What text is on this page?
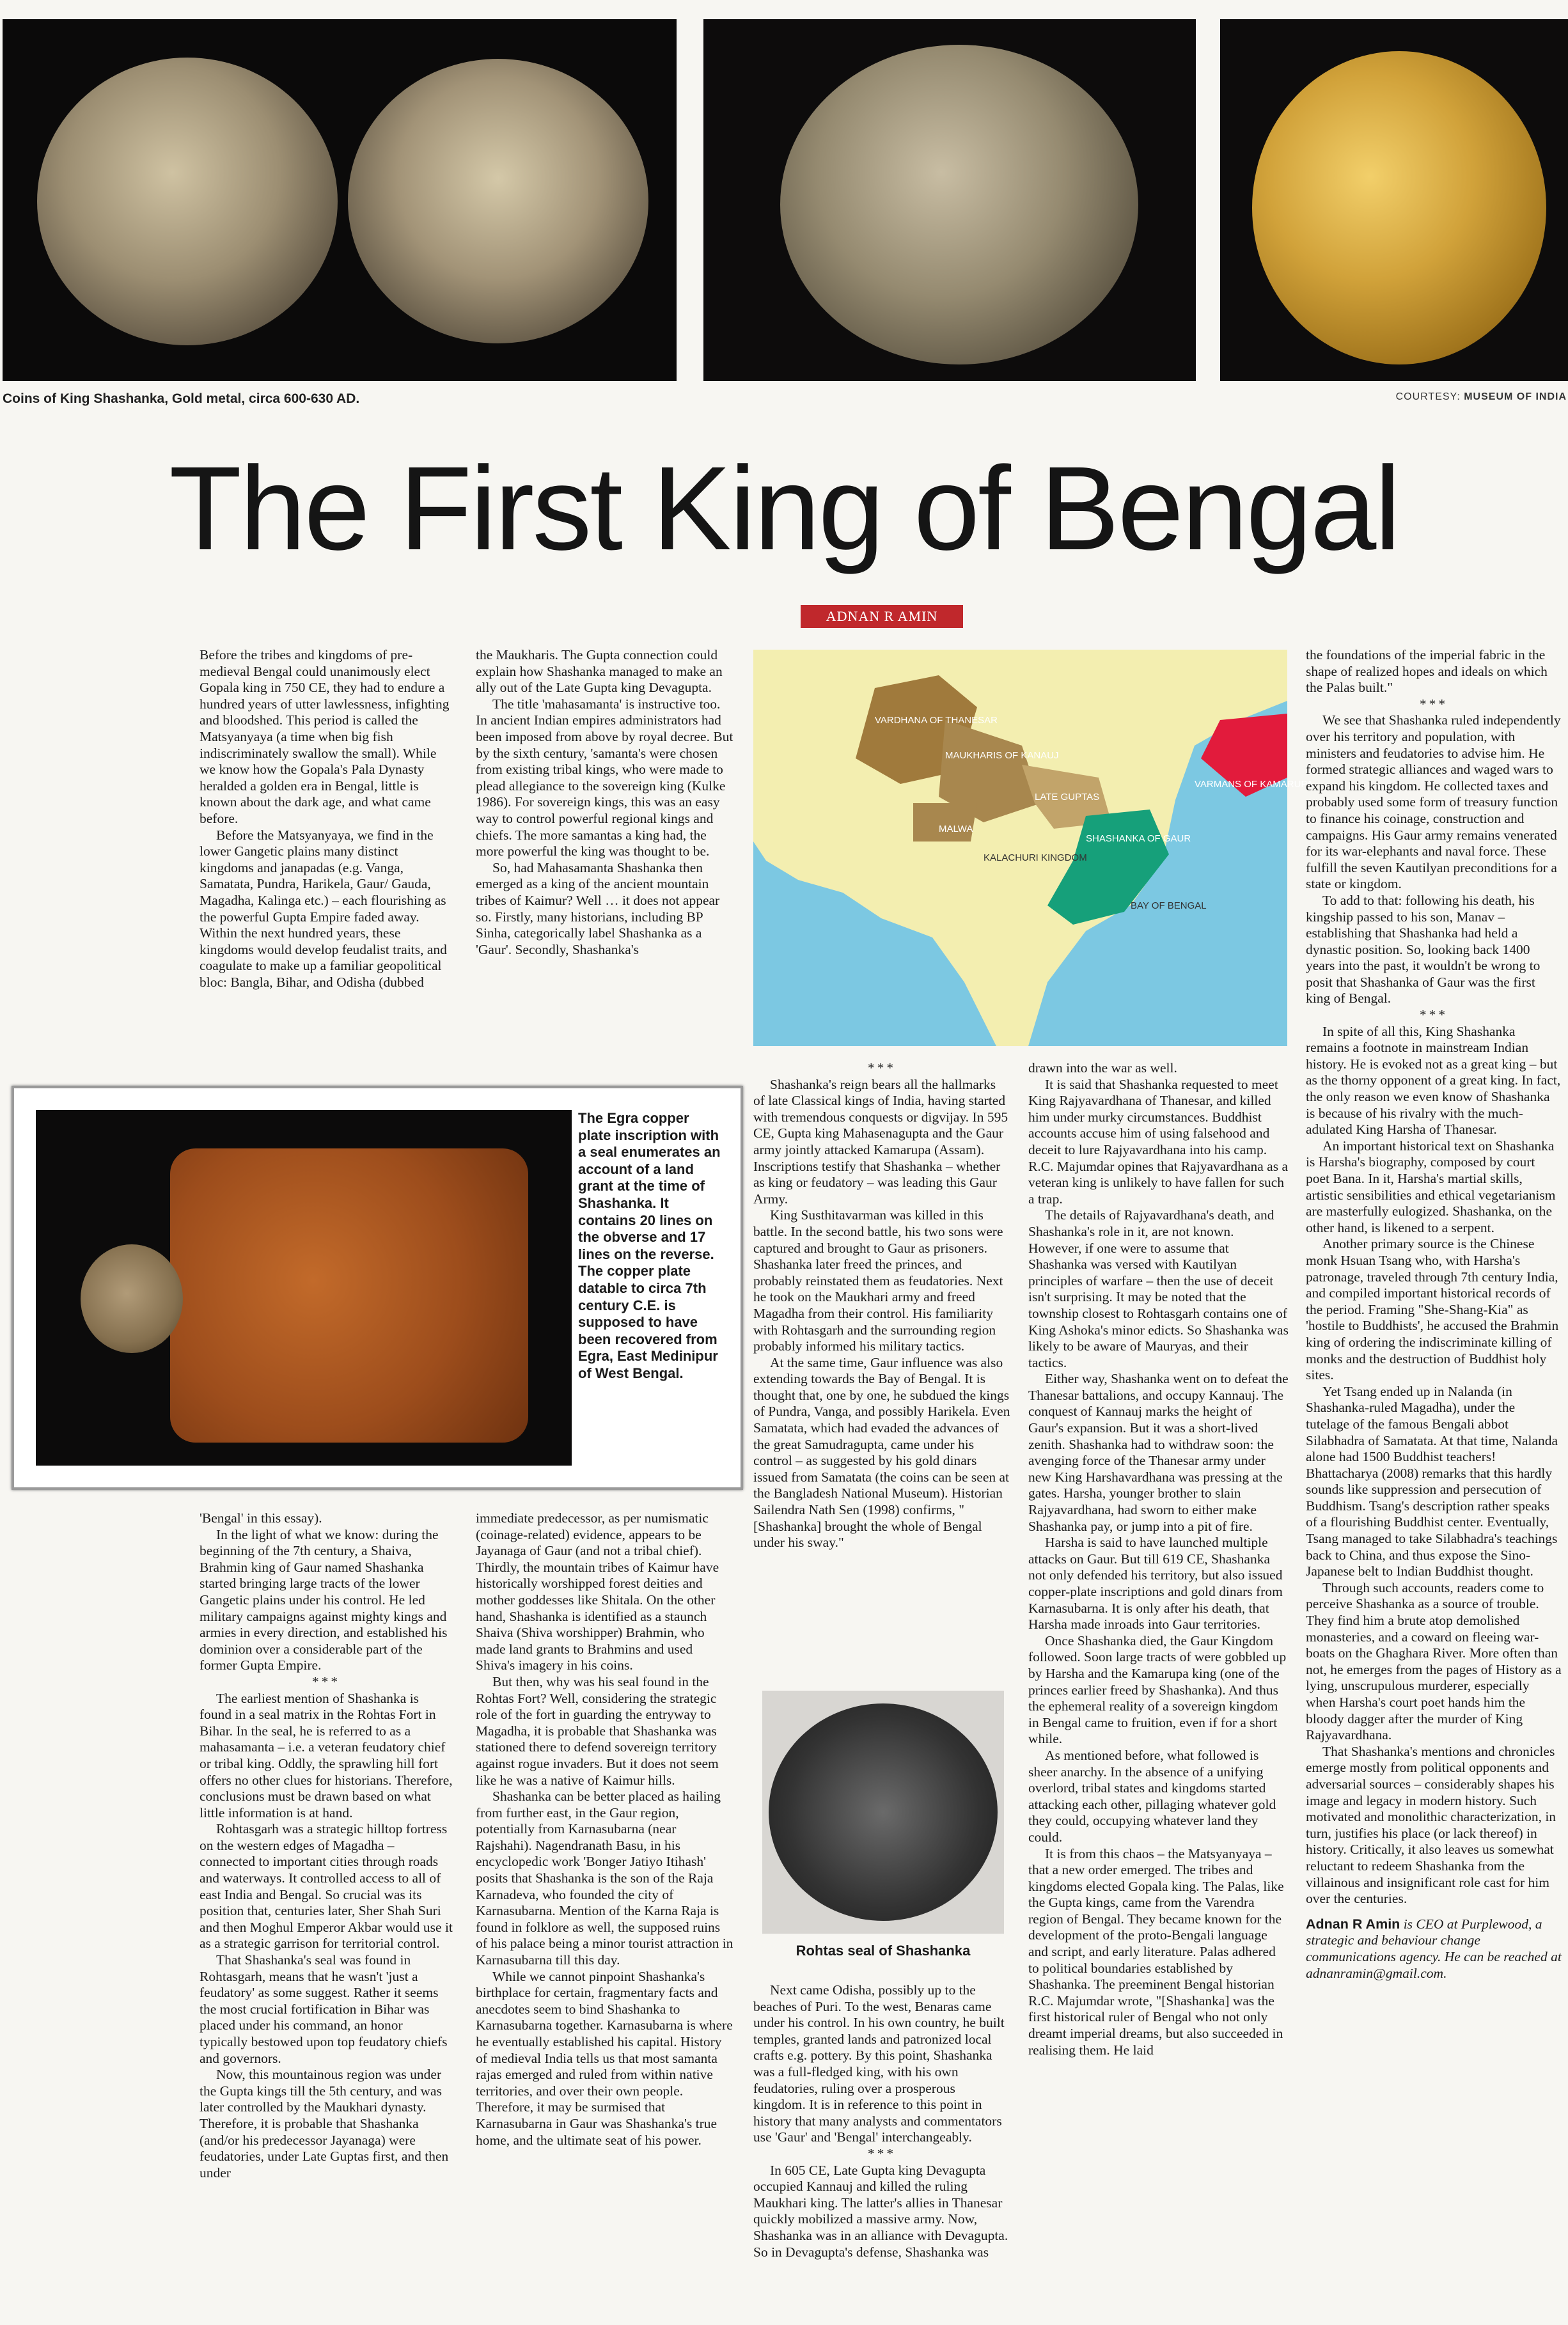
Coins of King Shashanka, Gold metal, circa 600-630 AD.	COURTESY: MUSEUM OF INDIA
The First King of Bengal
ADNAN R AMIN

Before the tribes and kingdoms of pre-medieval Bengal could unanimously elect Gopala king in 750 CE, they had to endure a hundred years of utter lawlessness, infighting and bloodshed. This period is called the Matsyanyaya (a time when big fish indiscriminately swallow the small). While we know how the Gopala's Pala Dynasty heralded a golden era in Bengal, little is known about the dark age, and what came before.

Before the Matsyanyaya, we find in the lower Gangetic plains many distinct kingdoms and janapadas (e.g. Vanga, Samatata, Pundra, Harikela, Gaur/ Gauda, Magadha, Kalinga etc.) – each flourishing as the powerful Gupta Empire faded away. Within the next hundred years, these kingdoms would develop feudalist traits, and coagulate to make up a familiar geopolitical bloc: Bangla, Bihar, and Odisha (dubbed

the Maukharis. The Gupta connection could explain how Shashanka managed to make an ally out of the Late Gupta king Devagupta.

The title 'mahasamanta' is instructive too. In ancient Indian empires administrators had been imposed from above by royal decree. But by the sixth century, 'samanta's were chosen from existing tribal kings, who were made to plead allegiance to the sovereign king (Kulke 1986). For sovereign kings, this was an easy way to control powerful regional kings and chiefs. The more samantas a king had, the more powerful the king was thought to be.

So, had Mahasamanta Shashanka then emerged as a king of the ancient mountain tribes of Kaimur? Well … it does not appear so. Firstly, many historians, including BP Sinha, categorically label Shashanka as a 'Gaur'. Secondly, Shashanka's

VARDHANA OF THANESAR
MAUKHARIS OF KANAUJ
LATE GUPTAS
VARMANS OF KAMARUPA
SHASHANKA OF GAUR
MALWA
KALACHURI KINGDOM
BAY OF BENGAL

the foundations of the imperial fabric in the shape of realized hopes and ideals on which the Palas built."

***

We see that Shashanka ruled independently over his territory and population, with ministers and feudatories to advise him. He formed strategic alliances and waged wars to expand his kingdom. He collected taxes and probably used some form of treasury function to finance his coinage, construction and campaigns. His Gaur army remains venerated for its war-elephants and naval force. These fulfill the seven Kautilyan preconditions for a state or kingdom.

To add to that: following his death, his kingship passed to his son, Manav – establishing that Shashanka had held a dynastic position. So, looking back 1400 years into the past, it wouldn't be wrong to posit that Shashanka of Gaur was the first king of Bengal.

***

In spite of all this, King Shashanka remains a footnote in mainstream Indian history. He is evoked not as a great king – but as the thorny opponent of a great king. In fact, the only reason we even know of Shashanka is because of his rivalry with the much-adulated King Harsha of Thanesar.

An important historical text on Shashanka is Harsha's biography, composed by court poet Bana. In it, Harsha's martial skills, artistic sensibilities and ethical vegetarianism are masterfully eulogized. Shashanka, on the other hand, is likened to a serpent.

Another primary source is the Chinese monk Hsuan Tsang who, with Harsha's patronage, traveled through 7th century India, and compiled important historical records of the period. Framing "She-Shang-Kia" as 'hostile to Buddhists', he accused the Brahmin king of ordering the indiscriminate killing of monks and the destruction of Buddhist holy sites.

Yet Tsang ended up in Nalanda (in Shashanka-ruled Magadha), under the tutelage of the famous Bengali abbot Silabhadra of Samatata. At that time, Nalanda alone had 1500 Buddhist teachers! Bhattacharya (2008) remarks that this hardly sounds like suppression and persecution of Buddhism. Tsang's description rather speaks of a flourishing Buddhist center. Eventually, Tsang managed to take Silabhadra's teachings back to China, and thus expose the Sino-Japanese belt to Indian Buddhist thought.

Through such accounts, readers come to perceive Shashanka as a source of trouble. They find him a brute atop demolished monasteries, and a coward on fleeing war-boats on the Ghaghara River. More often than not, he emerges from the pages of History as a lying, unscrupulous murderer, especially when Harsha's court poet hands him the bloody dagger after the murder of King Rajyavardhana.

That Shashanka's mentions and chronicles emerge mostly from political opponents and adversarial sources – considerably shapes his image and legacy in modern history. Such motivated and monolithic characterization, in turn, justifies his place (or lack thereof) in history. Critically, it also leaves us somewhat reluctant to redeem Shashanka from the villainous and insignificant role cast for him over the centuries.

Adnan R Amin is CEO at Purplewood, a strategic and behaviour change communications agency. He can be reached at adnanramin@gmail.com.

The Egra copper plate inscription with a seal enumerates an account of a land grant at the time of Shashanka. It contains 20 lines on the obverse and 17 lines on the reverse. The copper plate datable to circa 7th century C.E. is supposed to have been recovered from Egra, East Medinipur of West Bengal.

'Bengal' in this essay).

In the light of what we know: during the beginning of the 7th century, a Shaiva, Brahmin king of Gaur named Shashanka started bringing large tracts of the lower Gangetic plains under his control. He led military campaigns against mighty kings and armies in every direction, and established his dominion over a considerable part of the former Gupta Empire.

***

The earliest mention of Shashanka is found in a seal matrix in the Rohtas Fort in Bihar. In the seal, he is referred to as a mahasamanta – i.e. a veteran feudatory chief or tribal king. Oddly, the sprawling hill fort offers no other clues for historians. Therefore, conclusions must be drawn based on what little information is at hand.

Rohtasgarh was a strategic hilltop fortress on the western edges of Magadha – connected to important cities through roads and waterways. It controlled access to all of east India and Bengal. So crucial was its position that, centuries later, Sher Shah Suri and then Moghul Emperor Akbar would use it as a strategic garrison for territorial control.

That Shashanka's seal was found in Rohtasgarh, means that he wasn't 'just a feudatory' as some suggest. Rather it seems the most crucial fortification in Bihar was placed under his command, an honor typically bestowed upon top feudatory chiefs and governors.

Now, this mountainous region was under the Gupta kings till the 5th century, and was later controlled by the Maukhari dynasty. Therefore, it is probable that Shashanka (and/or his predecessor Jayanaga) were feudatories, under Late Guptas first, and then under

immediate predecessor, as per numismatic (coinage-related) evidence, appears to be Jayanaga of Gaur (and not a tribal chief). Thirdly, the mountain tribes of Kaimur have historically worshipped forest deities and mother goddesses like Shitala. On the other hand, Shashanka is identified as a staunch Shaiva (Shiva worshipper) Brahmin, who made land grants to Brahmins and used Shiva's imagery in his coins.

But then, why was his seal found in the Rohtas Fort? Well, considering the strategic role of the fort in guarding the entryway to Magadha, it is probable that Shashanka was stationed there to defend sovereign territory against rogue invaders. But it does not seem like he was a native of Kaimur hills.

Shashanka can be better placed as hailing from further east, in the Gaur region, potentially from Karnasubarna (near Rajshahi). Nagendranath Basu, in his encyclopedic work 'Bonger Jatiyo Itihash' posits that Shashanka is the son of the Raja Karnadeva, who founded the city of Karnasubarna. Mention of the Karna Raja is found in folklore as well, the supposed ruins of his palace being a minor tourist attraction in Karnasubarna till this day.

While we cannot pinpoint Shashanka's birthplace for certain, fragmentary facts and anecdotes seem to bind Shashanka to Karnasubarna together. Karnasubarna is where he eventually established his capital. History of medieval India tells us that most samanta rajas emerged and ruled from within native territories, and over their own people. Therefore, it may be surmised that Karnasubarna in Gaur was Shashanka's true home, and the ultimate seat of his power.

***

Shashanka's reign bears all the hallmarks of late Classical kings of India, having started with tremendous conquests or digvijay. In 595 CE, Gupta king Mahasenagupta and the Gaur army jointly attacked Kamarupa (Assam). Inscriptions testify that Shashanka – whether as king or feudatory – was leading this Gaur Army.

King Susthitavarman was killed in this battle. In the second battle, his two sons were captured and brought to Gaur as prisoners. Shashanka later freed the princes, and probably reinstated them as feudatories. Next he took on the Maukhari army and freed Magadha from their control. His familiarity with Rohtasgarh and the surrounding region probably informed his military tactics.

At the same time, Gaur influence was also extending towards the Bay of Bengal. It is thought that, one by one, he subdued the kings of Pundra, Vanga, and possibly Harikela. Even Samatata, which had evaded the advances of the great Samudragupta, came under his control – as suggested by his gold dinars issued from Samatata (the coins can be seen at the Bangladesh National Museum). Historian Sailendra Nath Sen (1998) confirms, "[Shashanka] brought the whole of Bengal under his sway."

Rohtas seal of Shashanka

Next came Odisha, possibly up to the beaches of Puri. To the west, Benaras came under his control. In his own country, he built temples, granted lands and patronized local crafts e.g. pottery. By this point, Shashanka was a full-fledged king, with his own feudatories, ruling over a prosperous kingdom. It is in reference to this point in history that many analysts and commentators use 'Gaur' and 'Bengal' interchangeably.

***

In 605 CE, Late Gupta king Devagupta occupied Kannauj and killed the ruling Maukhari king. The latter's allies in Thanesar quickly mobilized a massive army. Now, Shashanka was in an alliance with Devagupta. So in Devagupta's defense, Shashanka was

drawn into the war as well.

It is said that Shashanka requested to meet King Rajyavardhana of Thanesar, and killed him under murky circumstances. Buddhist accounts accuse him of using falsehood and deceit to lure Rajyavardhana into his camp. R.C. Majumdar opines that Rajyavardhana as a veteran king is unlikely to have fallen for such a trap.

The details of Rajyavardhana's death, and Shashanka's role in it, are not known. However, if one were to assume that Shashanka was versed with Kautilyan principles of warfare – then the use of deceit isn't surprising. It may be noted that the township closest to Rohtasgarh contains one of King Ashoka's minor edicts. So Shashanka was likely to be aware of Mauryas, and their tactics.

Either way, Shashanka went on to defeat the Thanesar battalions, and occupy Kannauj. The conquest of Kannauj marks the height of Gaur's expansion. But it was a short-lived zenith. Shashanka had to withdraw soon: the avenging force of the Thanesar army under new King Harshavardhana was pressing at the gates. Harsha, younger brother to slain Rajyavardhana, had sworn to either make Shashanka pay, or jump into a pit of fire.

Harsha is said to have launched multiple attacks on Gaur. But till 619 CE, Shashanka not only defended his territory, but also issued copper-plate inscriptions and gold dinars from Karnasubarna. It is only after his death, that Harsha made inroads into Gaur territories.

Once Shashanka died, the Gaur Kingdom followed. Soon large tracts of were gobbled up by Harsha and the Kamarupa king (one of the princes earlier freed by Shashanka). And thus the ephemeral reality of a sovereign kingdom in Bengal came to fruition, even if for a short while.

As mentioned before, what followed is sheer anarchy. In the absence of a unifying overlord, tribal states and kingdoms started attacking each other, pillaging whatever gold they could, occupying whatever land they could.

It is from this chaos – the Matsyanyaya – that a new order emerged. The tribes and kingdoms elected Gopala king. The Palas, like the Gupta kings, came from the Varendra region of Bengal. They became known for the development of the proto-Bengali language and script, and early literature. Palas adhered to political boundaries established by Shashanka. The preeminent Bengal historian R.C. Majumdar wrote, "[Shashanka] was the first historical ruler of Bengal who not only dreamt imperial dreams, but also succeeded in realising them. He laid
